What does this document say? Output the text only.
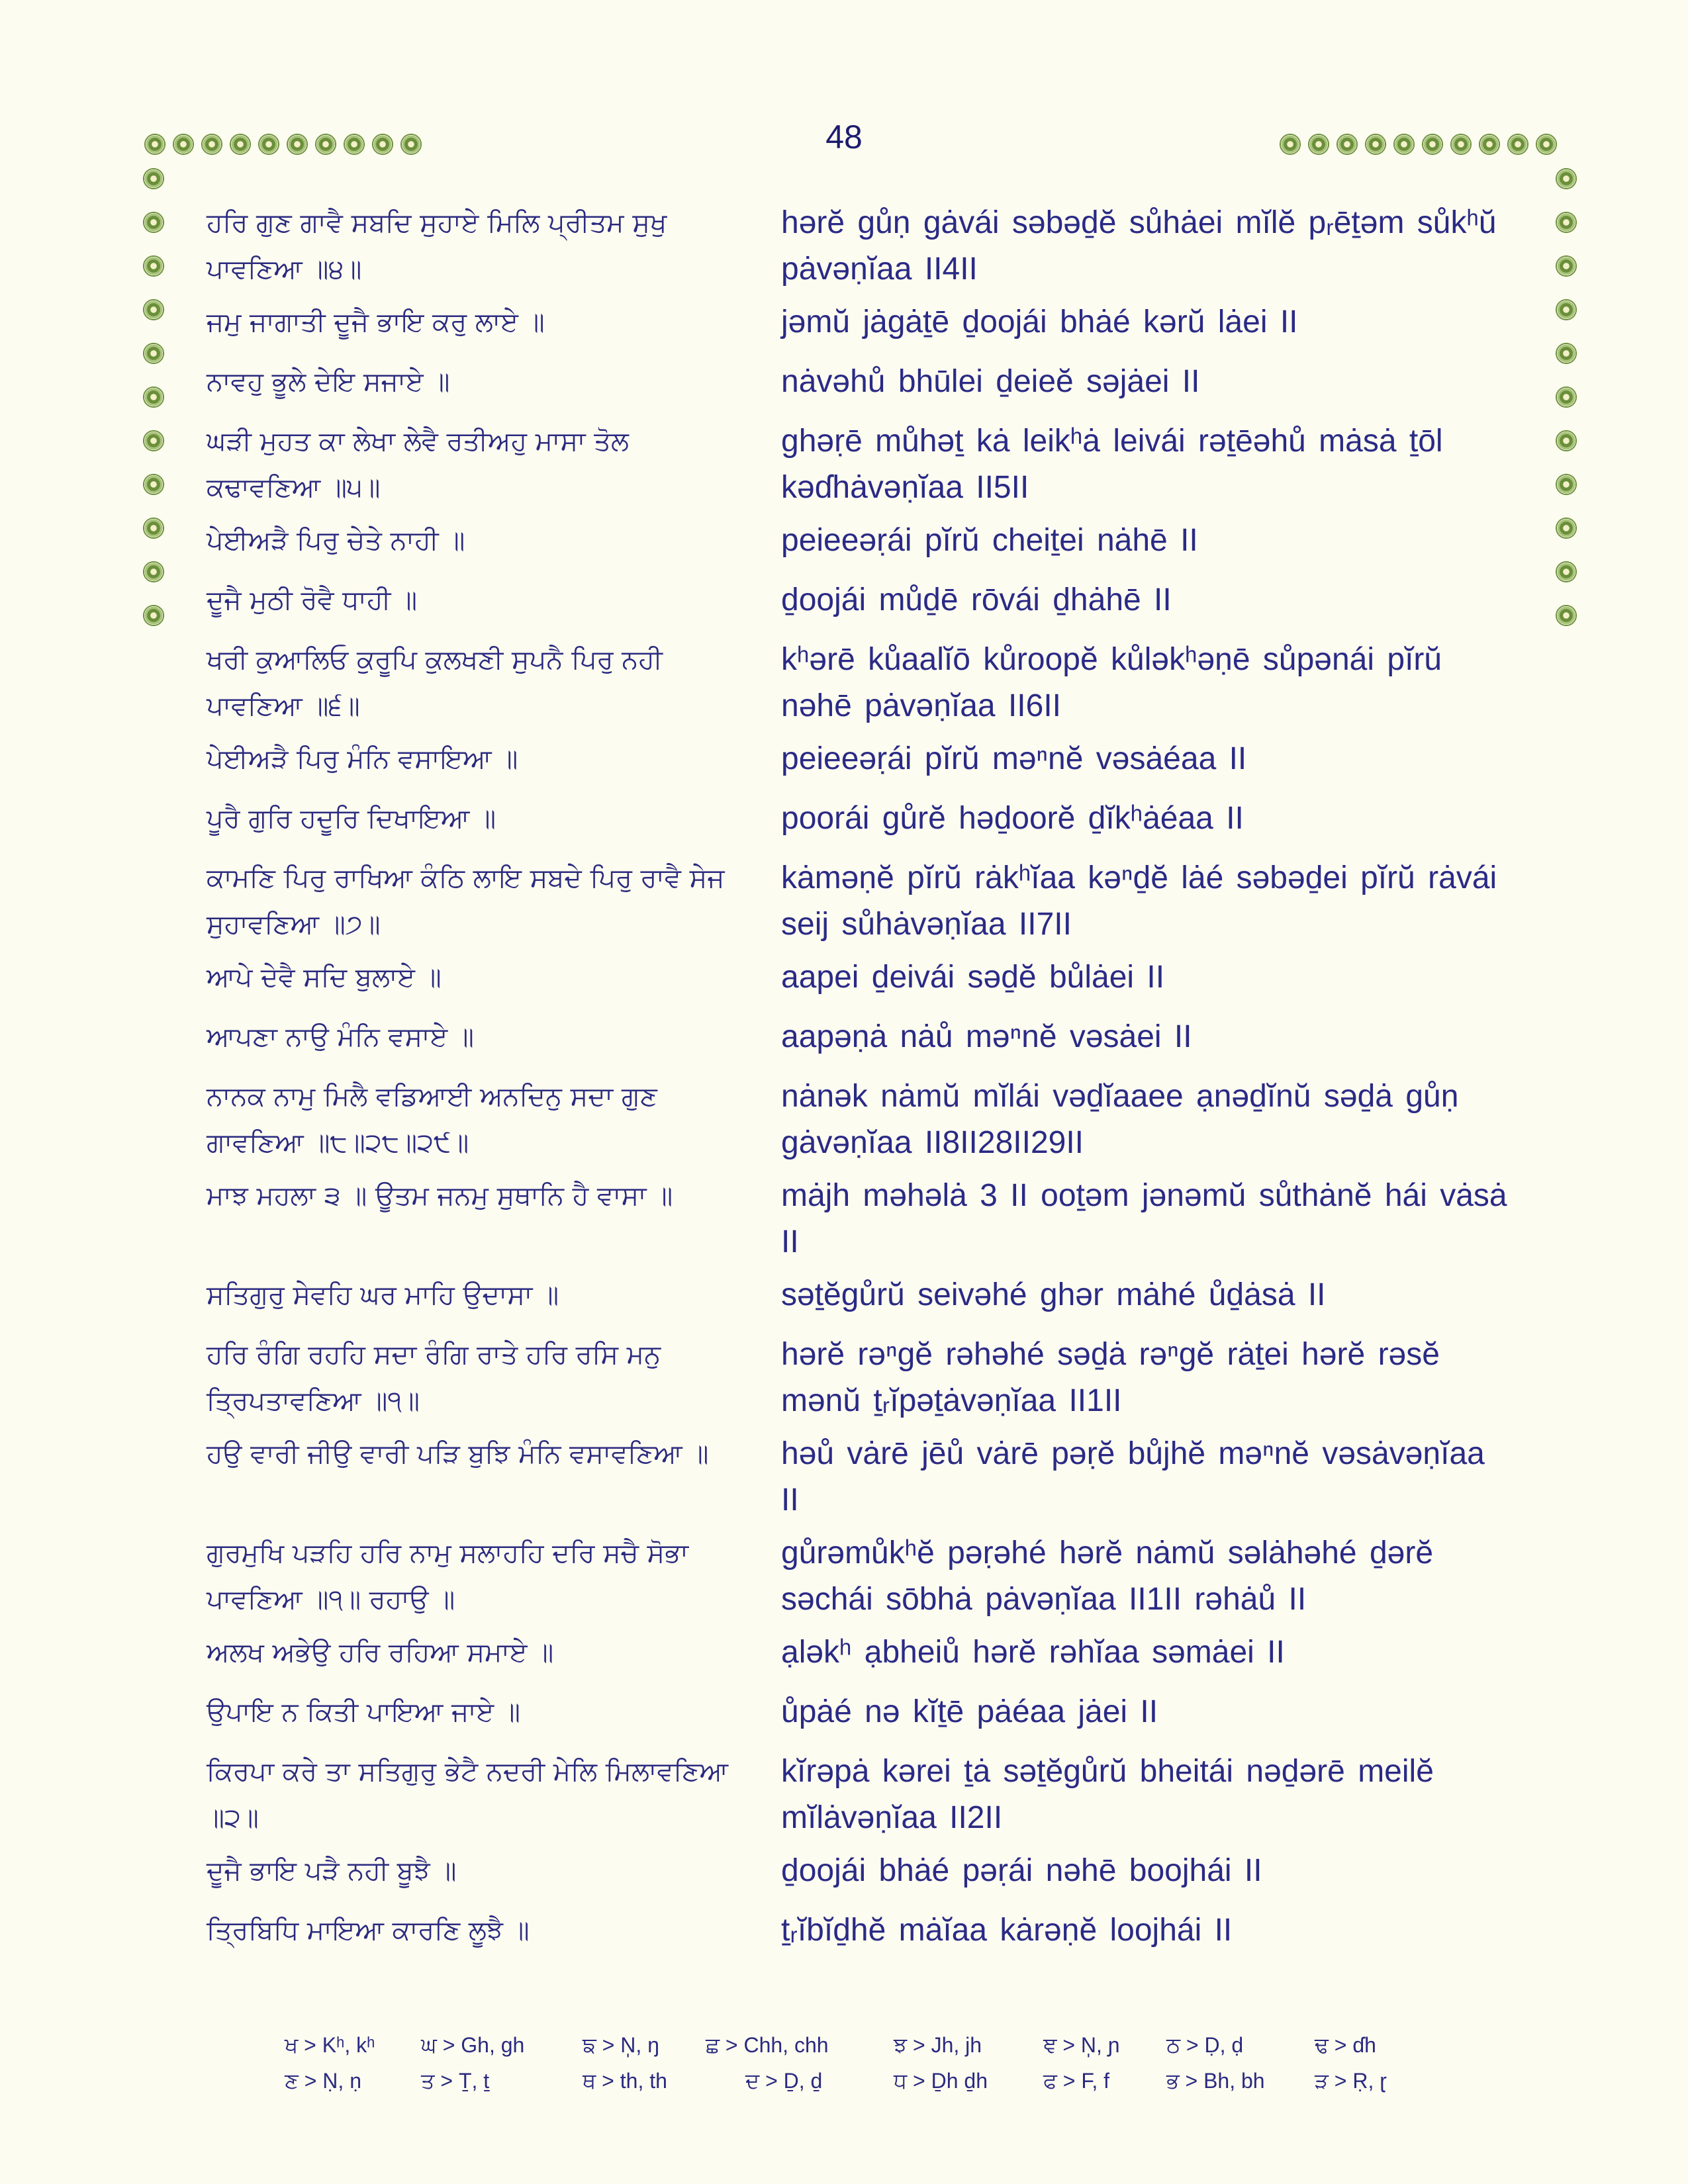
48
ਹਰਿ ਗੁਣ ਗਾਵੈ ਸਬਦਿ ਸੁਹਾਏ ਮਿਲਿ ਪ੍ਰੀਤਮ ਸੁਖੁ ਪਾਵਣਿਆ ॥੪॥
hərĕ gůṇ gȧvái səbəḏĕ sůhȧei mĭlĕ pᵣēṯəm sůkʰŭ pȧvəṇĭaa II4II
ਜਮੁ ਜਾਗਾਤੀ ਦੂਜੈ ਭਾਇ ਕਰੁ ਲਾਏ ॥	jəmŭ jȧgȧṯē ḏoojái bhȧé kərŭ lȧei II
ਨਾਵਹੁ ਭੂਲੇ ਦੇਇ ਸਜਾਏ ॥	nȧvəhů bhūlei ḏeieĕ səjȧei II
ਘੜੀ ਮੁਹਤ ਕਾ ਲੇਖਾ ਲੇਵੈ ਰਤੀਅਹੁ ਮਾਸਾ ਤੋਲ ਕਢਾਵਣਿਆ ॥੫॥
ghəṛē můhəṯ kȧ leikʰȧ leivái rəṯēəhů mȧsȧ ṯōl kəɗhȧvəṇĭaa II5II
ਪੇਈਅੜੈ ਪਿਰੁ ਚੇਤੇ ਨਾਹੀ ॥	peieeəṛái pĭrŭ cheiṯei nȧhē II
ਦੂਜੈ ਮੁਠੀ ਰੋਵੈ ਧਾਹੀ ॥	ḏoojái můḏē rōvái ḏhȧhē II
ਖਰੀ ਕੁਆਲਿਓ ਕੁਰੂਪਿ ਕੁਲਖਣੀ ਸੁਪਨੈ ਪਿਰੁ ਨਹੀ ਪਾਵਣਿਆ ॥੬॥
kʰərē kůaalĭō kůroopĕ kůləkʰəṇē sůpənái pĭrŭ nəhē pȧvəṇĭaa II6II
ਪੇਈਅੜੈ ਪਿਰੁ ਮੰਨਿ ਵਸਾਇਆ ॥	peieeəṛái pĭrŭ məⁿnĕ vəsȧéaa II
ਪੂਰੈ ਗੁਰਿ ਹਦੂਰਿ ਦਿਖਾਇਆ ॥	poorái gůrĕ həḏoorĕ ḏĭkʰȧéaa II
ਕਾਮਣਿ ਪਿਰੁ ਰਾਖਿਆ ਕੰਠਿ ਲਾਇ ਸਬਦੇ ਪਿਰੁ ਰਾਵੈ ਸੇਜ ਸੁਹਾਵਣਿਆ ॥੭॥
kȧməṇĕ pĭrŭ rȧkʰĭaa kəⁿḏĕ lȧé səbəḏei pĭrŭ rȧvái seij sůhȧvəṇĭaa II7II
ਆਪੇ ਦੇਵੈ ਸਦਿ ਬੁਲਾਏ ॥	aapei ḏeivái səḏĕ bůlȧei II
ਆਪਣਾ ਨਾਉ ਮੰਨਿ ਵਸਾਏ ॥	aapəṇȧ nȧů məⁿnĕ vəsȧei II
ਨਾਨਕ ਨਾਮੁ ਮਿਲੈ ਵਡਿਆਈ ਅਨਦਿਨੁ ਸਦਾ ਗੁਣ ਗਾਵਣਿਆ ॥੮॥੨੮॥੨੯॥
nȧnək nȧmŭ mĭlái vəḏĭaaee ạnəḏĭnŭ səḏȧ gůṇ gȧvəṇĭaa II8II28II29II
ਮਾਝ ਮਹਲਾ ੩ ॥ ਊਤਮ ਜਨਮੁ ਸੁਥਾਨਿ ਹੈ ਵਾਸਾ ॥	mȧjh məhəlȧ 3 II ooṯəm jənəmŭ sůthȧnĕ hái vȧsȧ II
ਸਤਿਗੁਰੁ ਸੇਵਹਿ ਘਰ ਮਾਹਿ ਉਦਾਸਾ ॥	səṯĕgůrŭ seivəhé ghər mȧhé ůḏȧsȧ II
ਹਰਿ ਰੰਗਿ ਰਹਹਿ ਸਦਾ ਰੰਗਿ ਰਾਤੇ ਹਰਿ ਰਸਿ ਮਨੁ ਤ੍ਰਿਪਤਾਵਣਿਆ ॥੧॥
hərĕ rəⁿgĕ rəhəhé səḏȧ rəⁿgĕ rȧṯei hərĕ rəsĕ mənŭ ṯᵣĭpəṯȧvəṇĭaa II1II
ਹਉ ਵਾਰੀ ਜੀਉ ਵਾਰੀ ਪੜਿ ਬੁਝਿ ਮੰਨਿ ਵਸਾਵਣਿਆ ॥	həů vȧrē jēů vȧrē pəṛĕ bůjhĕ məⁿnĕ vəsȧvəṇĭaa II
ਗੁਰਮੁਖਿ ਪੜਹਿ ਹਰਿ ਨਾਮੁ ਸਲਾਹਹਿ ਦਰਿ ਸਚੈ ਸੋਭਾ ਪਾਵਣਿਆ ॥੧॥ ਰਹਾਉ ॥
gůrəmůkʰĕ pəṛəhé hərĕ nȧmŭ səlȧhəhé ḏərĕ səchái sōbhȧ pȧvəṇĭaa II1II rəhȧů II
ਅਲਖ ਅਭੇਉ ਹਰਿ ਰਹਿਆ ਸਮਾਏ ॥	ạləkʰ ạbheiů hərĕ rəhĭaa səmȧei II
ਉਪਾਇ ਨ ਕਿਤੀ ਪਾਇਆ ਜਾਏ ॥	ůpȧé nə kĭṯē pȧéaa jȧei II
ਕਿਰਪਾ ਕਰੇ ਤਾ ਸਤਿਗੁਰੁ ਭੇਟੈ ਨਦਰੀ ਮੇਲਿ ਮਿਲਾਵਣਿਆ ॥੨॥
kĭrəpȧ kərei ṯȧ səṯĕgůrŭ bheitái nəḏərē meilĕ mĭlȧvəṇĭaa II2II
ਦੂਜੈ ਭਾਇ ਪੜੈ ਨਹੀ ਬੂਝੈ ॥	ḏoojái bhȧé pəṛái nəhē boojhái II
ਤ੍ਰਿਬਿਧਿ ਮਾਇਆ ਕਾਰਣਿ ਲੂਝੈ ॥	ṯᵣĭbĭḏhĕ mȧĭaa kȧrəṇĕ loojhái II
ਖ > Kʰ, kʰ ਘ > Gh, gh	ਙ > N̩, ŋ ਛ > Chh, chh	ਝ > Jh, jh	ਞ > N̩, ɲ ਠ > Ḍ, ḍ	ਢ > ɗh
ਣ > Ṇ, ṇ	ਤ > Ṯ, ṯ	ਥ > th, th	ਦ > Ḏ, ḏ	ਧ > Ḏh ḏh	ਫ > F, f	ਭ > Bh, bh ੜ > Ṛ, ɽ
